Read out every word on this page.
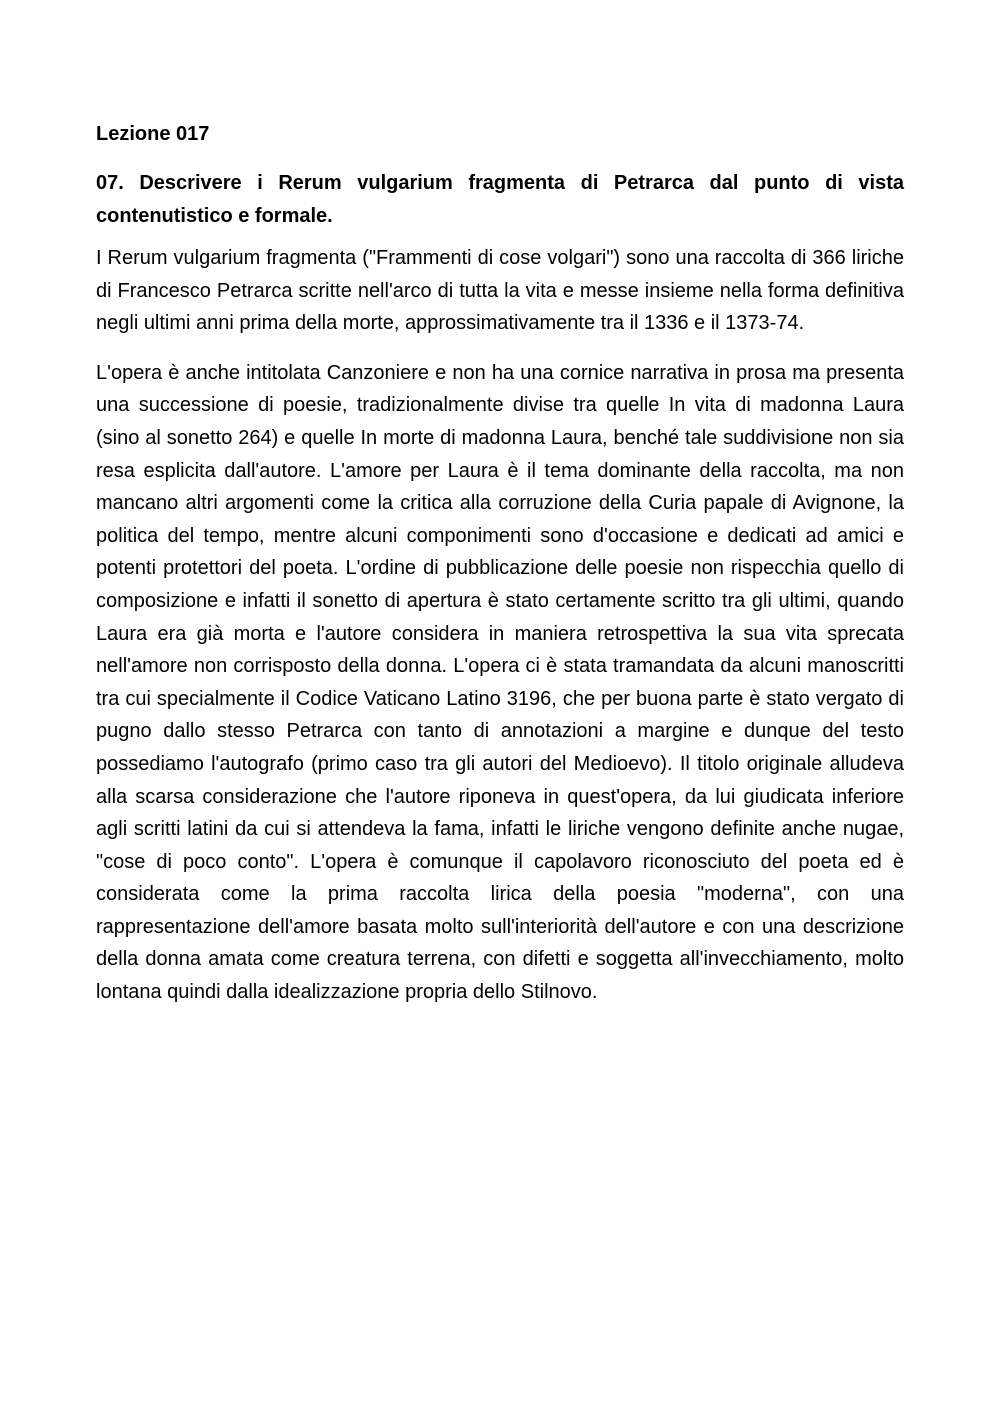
Lezione 017
07. Descrivere i Rerum vulgarium fragmenta di Petrarca dal punto di vista contenutistico e formale.

I Rerum vulgarium fragmenta ("Frammenti di cose volgari") sono una raccolta di 366 liriche di Francesco Petrarca scritte nell'arco di tutta la vita e messe insieme nella forma definitiva negli ultimi anni prima della morte, approssimativamente tra il 1336 e il 1373-74.

L'opera è anche intitolata Canzoniere e non ha una cornice narrativa in prosa ma presenta una successione di poesie, tradizionalmente divise tra quelle In vita di madonna Laura (sino al sonetto 264) e quelle In morte di madonna Laura, benché tale suddivisione non sia resa esplicita dall'autore. L'amore per Laura è il tema dominante della raccolta, ma non mancano altri argomenti come la critica alla corruzione della Curia papale di Avignone, la politica del tempo, mentre alcuni componimenti sono d'occasione e dedicati ad amici e potenti protettori del poeta. L'ordine di pubblicazione delle poesie non rispecchia quello di composizione e infatti il sonetto di apertura è stato certamente scritto tra gli ultimi, quando Laura era già morta e l'autore considera in maniera retrospettiva la sua vita sprecata nell'amore non corrisposto della donna. L'opera ci è stata tramandata da alcuni manoscritti tra cui specialmente il Codice Vaticano Latino 3196, che per buona parte è stato vergato di pugno dallo stesso Petrarca con tanto di annotazioni a margine e dunque del testo possediamo l'autografo (primo caso tra gli autori del Medioevo). Il titolo originale alludeva alla scarsa considerazione che l'autore riponeva in quest'opera, da lui giudicata inferiore agli scritti latini da cui si attendeva la fama, infatti le liriche vengono definite anche nugae, "cose di poco conto". L'opera è comunque il capolavoro riconosciuto del poeta ed è considerata come la prima raccolta lirica della poesia "moderna", con una rappresentazione dell'amore basata molto sull'interiorità dell'autore e con una descrizione della donna amata come creatura terrena, con difetti e soggetta all'invecchiamento, molto lontana quindi dalla idealizzazione propria dello Stilnovo.
